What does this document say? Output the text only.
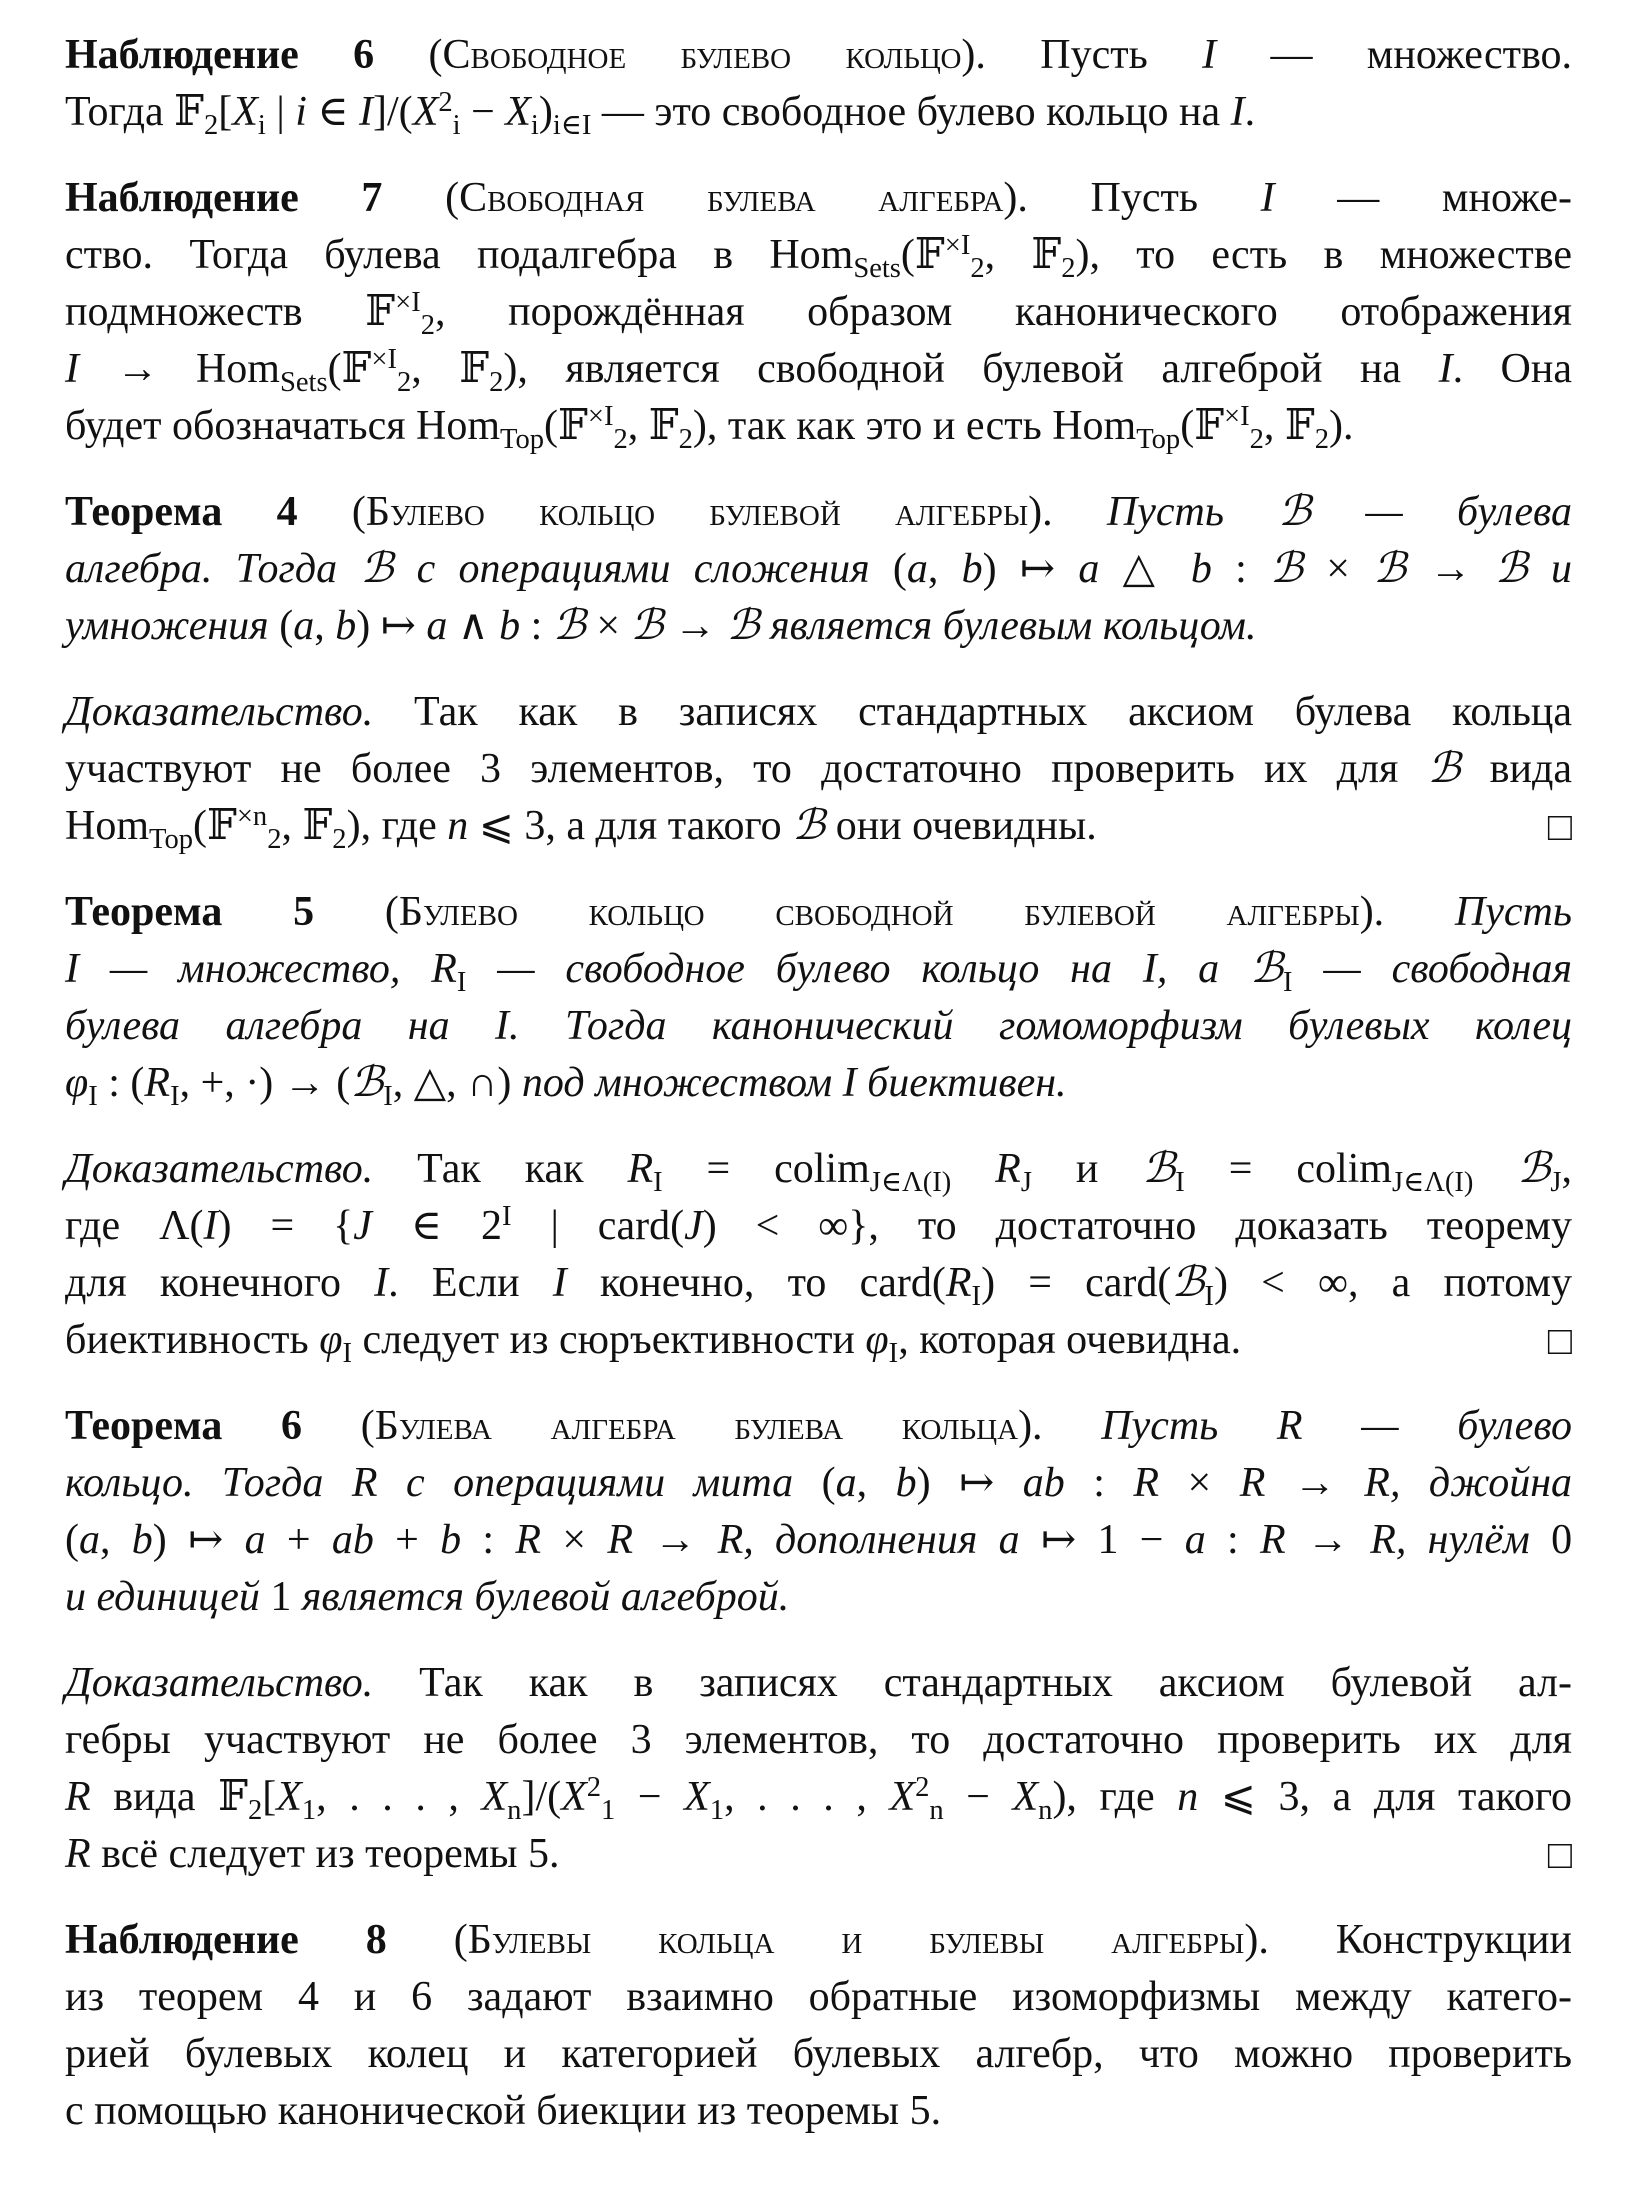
Наблюдение 6 (Свободное булево кольцо). Пусть I — множество.
Тогда $𝔽_2[X_i$ | i ∈ $I]/(X^2_i - X_i)_{i\in I}$ — это свободное булево кольцо на I.
Наблюдение 7 (Свободная булева алгебра). Пусть I — множе-
ство. Тогда булева подалгебра в Hom$_{Sets}$(𝔽$^{\times I}_2$, 𝔽$_2$), то есть в множестве
подмножеств 𝔽$^{\times I}_2$, порождённая образом канонического отображения
I → Hom$_{Sets}$(𝔽$^{\times I}_2$, 𝔽$_2$), является свободной булевой алгеброй на I. Она
будет обозначаться Hom$_{Top}$(𝔽$^{\times I}_2$, 𝔽$_2$), так как это и есть Hom$_{Top}$(𝔽$^{\times I}_2$, 𝔽$_2$).
Теорема 4 (Булево кольцо булевой алгебры). Пусть ℬ — булева
алгебра. Тогда ℬ с операциями сложения (a, b) ↦ a △ b : ℬ × ℬ → ℬ и
умножения (a, b) ↦ a ∧ b : ℬ × ℬ → ℬ является булевым кольцом.
Доказательство. Так как в записях стандартных аксиом булева кольца
участвуют не более 3 элементов, то достаточно проверить их для ℬ вида
□
Hom$_{Top}$(𝔽$^{\times n}_2$, 𝔽$_2$), где n ⩽ 3, а для такого ℬ они очевидны.
Теорема 5 (Булево кольцо свободной булевой алгебры). Пусть
I — множество, $R_I$ — свободное булево кольцо на I, а ℬ$_I$ — свободная
булева алгебра на I. Тогда канонический гомоморфизм булевых колец
$\varphi_I$ : ($R_I$, +, ·) → (ℬ$_I$, △, ∩) под множеством I биективен.
Доказательство. Так как $R_I = colim_{J\in\Lambda(I)}$ $R_J$ и ℬ$_I$ = colim$_{J\in\Lambda(I)}$ ℬ$_J$,
где Λ(I) = {J ∈ $2^I$ | card(J) < ∞}, то достаточно доказать теорему
для конечного I. Если I конечно, то $card(R_I)$ = card(ℬ$_I$) < ∞, а потому
□
биективность $\varphi_I$ следует из сюръективности $\varphi_I$, которая очевидна.
Теорема 6 (Булева алгебра булева кольца). Пусть R — булево
кольцо. Тогда R с операциями мита (a, b) ↦ ab : R × R → R, джойна
(a, b) ↦ a + ab + b : R × R → R, дополнения a ↦ 1 − a : R → R, нулём 0
и единицей 1 является булевой алгеброй.
Доказательство. Так как в записях стандартных аксиом булевой ал-
гебры участвуют не более 3 элементов, то достаточно проверить их для
R вида $𝔽_2[X_1$, . . . , $X_n]/(X^2_1 - X_1$, . . . , $X^2_n - X_n$), где n ⩽ 3, а для такого
□
R всё следует из теоремы 5.
Наблюдение 8 (Булевы кольца и булевы алгебры). Конструкции
из теорем 4 и 6 задают взаимно обратные изоморфизмы между катего-
рией булевых колец и категорией булевых алгебр, что можно проверить
с помощью канонической биекции из теоремы 5.
